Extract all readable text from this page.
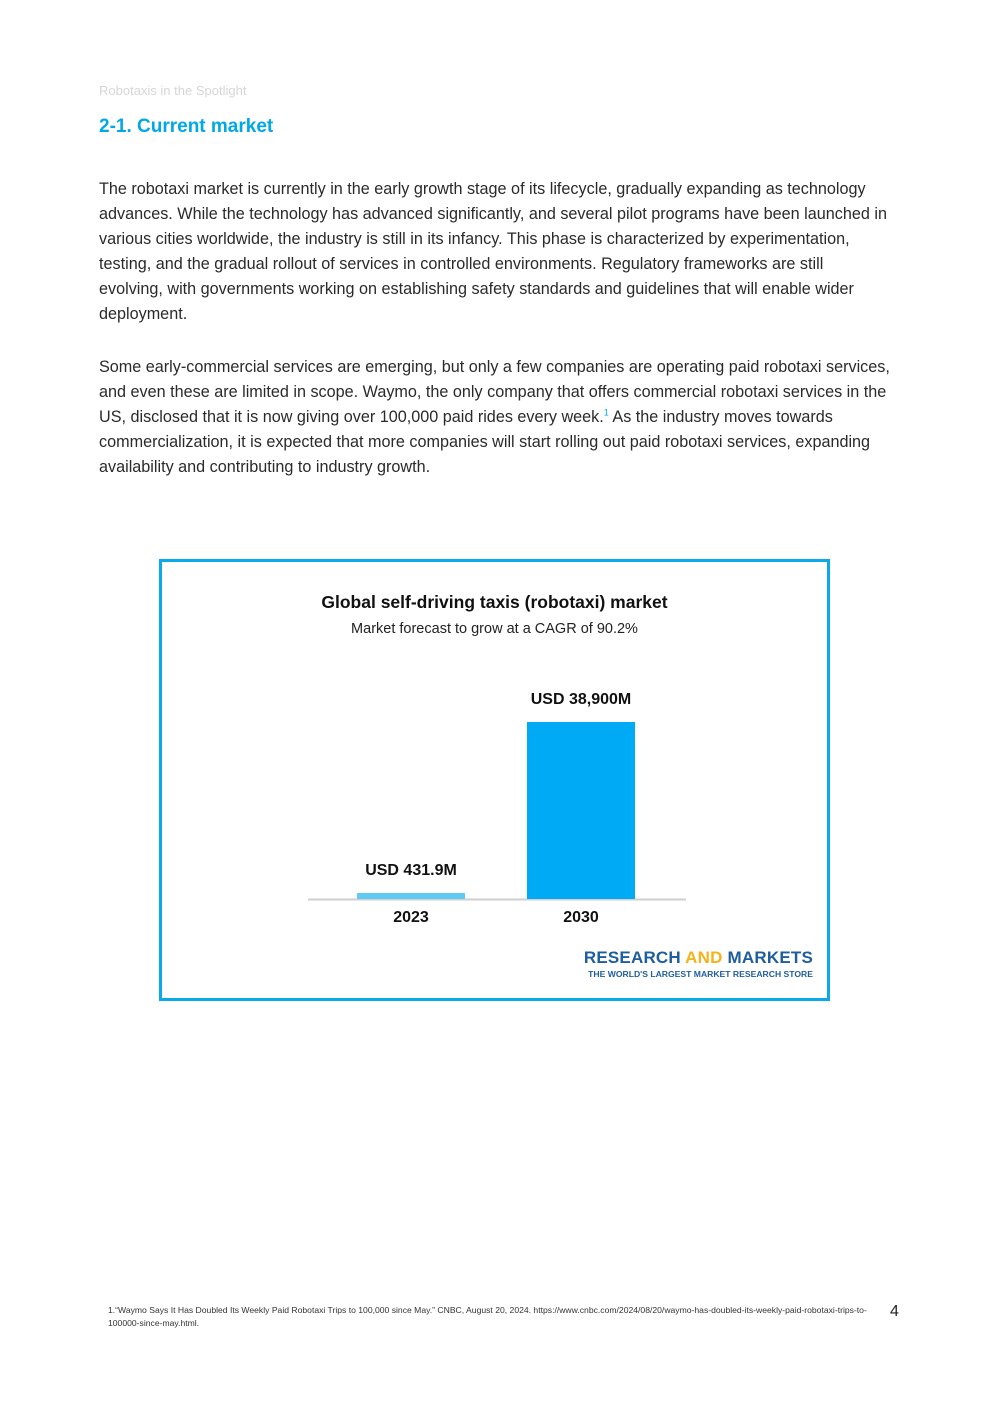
Robotaxis in the Spotlight
2-1. Current market

The robotaxi market is currently in the early growth stage of its lifecycle, gradually expanding as technology advances. While the technology has advanced significantly, and several pilot programs have been launched in various cities worldwide, the industry is still in its infancy. This phase is characterized by experimentation, testing, and the gradual rollout of services in controlled environments. Regulatory frameworks are still evolving, with governments working on establishing safety standards and guidelines that will enable wider deployment.

Some early-commercial services are emerging, but only a few companies are operating paid robotaxi services, and even these are limited in scope. Waymo, the only company that offers commercial robotaxi services in the US, disclosed that it is now giving over 100,000 paid rides every week.$^1$ As the industry moves towards commercialization, it is expected that more companies will start rolling out paid robotaxi services, expanding availability and contributing to industry growth.

Global self-driving taxis (robotaxi) market
Market forecast to grow at a CAGR of 90.2%
USD 431.9M
2023
USD 38,900M
2030
RESEARCH AND MARKETS
THE WORLD'S LARGEST MARKET RESEARCH STORE
1.“Waymo Says It Has Doubled Its Weekly Paid Robotaxi Trips to 100,000 since May.” CNBC, August 20, 2024. https://www.cnbc.com/2024/08/20/waymo-has-doubled-its-weekly-paid-robotaxi-trips-to-100000-since-may.html.
4
